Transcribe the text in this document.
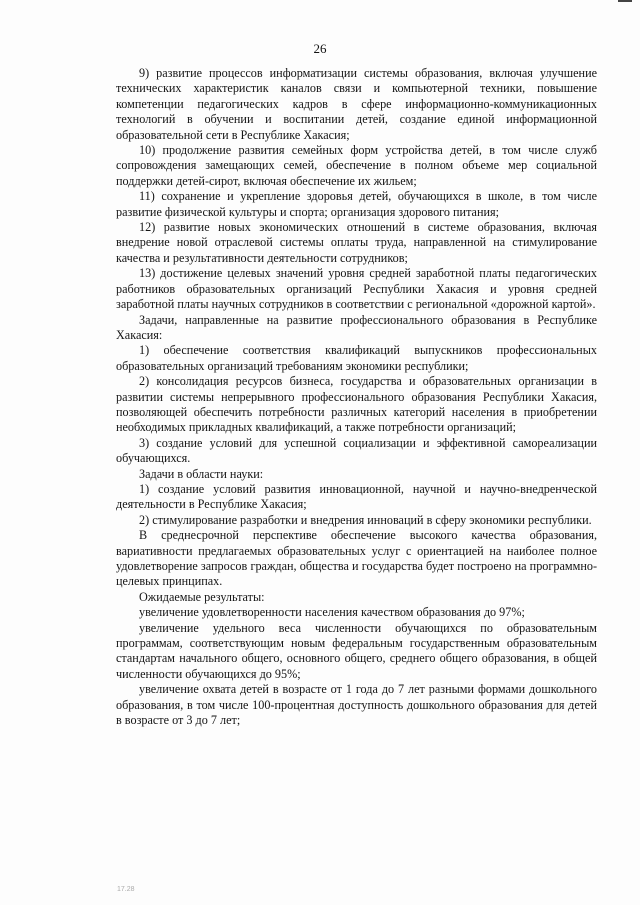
26

9) развитие процессов информатизации системы образования, включая улучшение технических характеристик каналов связи и компьютерной техники, повышение компетенции педагогических кадров в сфере информационно-коммуникационных технологий в обучении и воспитании детей, создание единой информационной образовательной сети в Республике Хакасия;

10) продолжение развития семейных форм устройства детей, в том числе служб сопровождения замещающих семей, обеспечение в полном объеме мер социальной поддержки детей-сирот, включая обеспечение их жильем;

11) сохранение и укрепление здоровья детей, обучающихся в школе, в том числе развитие физической культуры и спорта; организация здорового питания;

12) развитие новых экономических отношений в системе образования, включая внедрение новой отраслевой системы оплаты труда, направленной на стимулирование качества и результативности деятельности сотрудников;

13) достижение целевых значений уровня средней заработной платы педагогических работников образовательных организаций Республики Хакасия и уровня средней заработной платы научных сотрудников в соответствии с региональной «дорожной картой».

Задачи, направленные на развитие профессионального образования в Республике Хакасия:

1) обеспечение соответствия квалификаций выпускников профессиональных образовательных организаций требованиям экономики республики;

2) консолидация ресурсов бизнеса, государства и образовательных организации в развитии системы непрерывного профессионального образования Республики Хакасия, позволяющей обеспечить потребности различных категорий населения в приобретении необходимых прикладных квалификаций, а также потребности организаций;

3) создание условий для успешной социализации и эффективной самореализации обучающихся.

Задачи в области науки:

1) создание условий развития инновационной, научной и научно-внедренческой деятельности в Республике Хакасия;

2) стимулирование разработки и внедрения инноваций в сферу экономики республики.

В среднесрочной перспективе обеспечение высокого качества образования, вариативности предлагаемых образовательных услуг с ориентацией на наиболее полное удовлетворение запросов граждан, общества и государства будет построено на программно-целевых принципах.

Ожидаемые результаты:

увеличение удовлетворенности населения качеством образования до 97%;

увеличение удельного веса численности обучающихся по образовательным программам, соответствующим новым федеральным государственным образовательным стандартам начального общего, основного общего, среднего общего образования, в общей численности обучающихся до 95%;

увеличение охвата детей в возрасте от 1 года до 7 лет разными формами дошкольного образования, в том числе 100-процентная доступность дошкольного образования для детей в возрасте от 3 до 7 лет;

17.28
